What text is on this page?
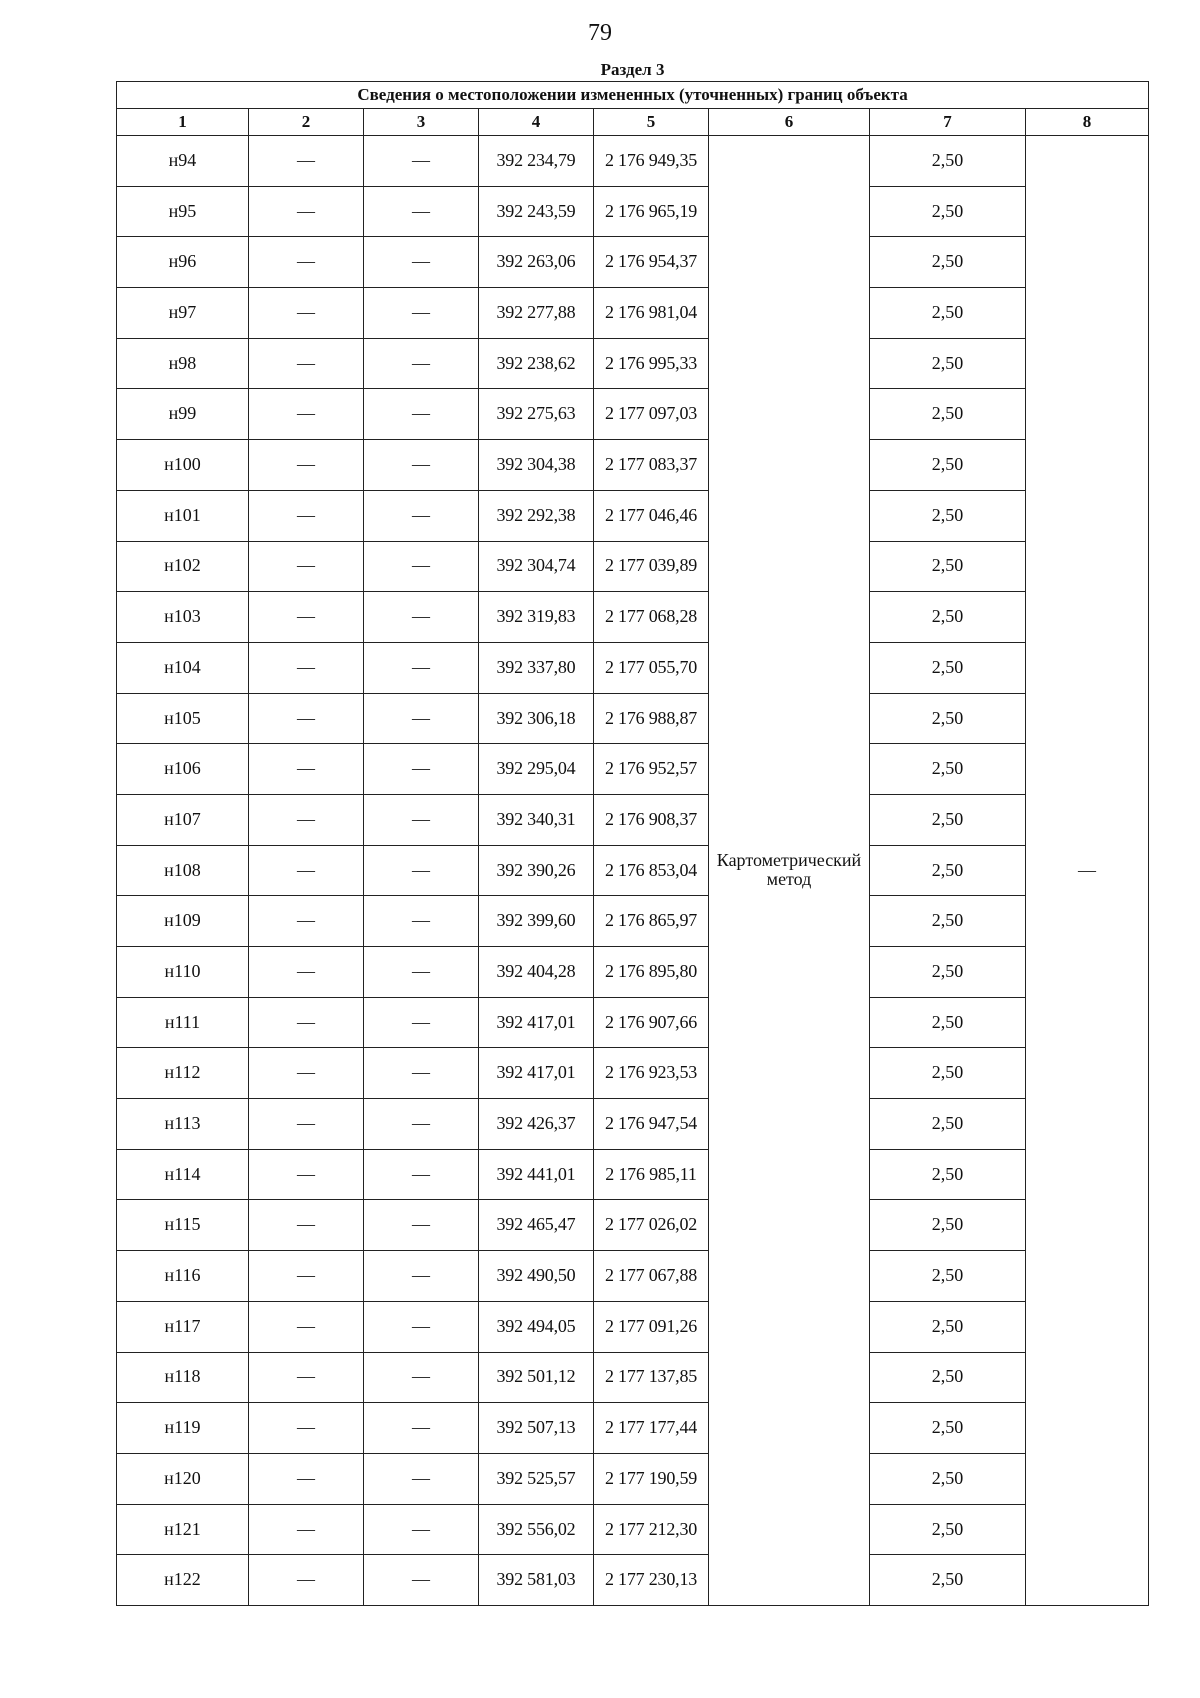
79
Раздел 3							
Сведения о местоположении измененных (уточненных) границ объекта							
1	2	3	4	5	6	7	8
н94	—	—	392 234,79	2 176 949,35	Картометрический метод	2,50	—
н95	—	—	392 243,59	2 176 965,19		2,50	
н96	—	—	392 263,06	2 176 954,37		2,50	
н97	—	—	392 277,88	2 176 981,04		2,50	
н98	—	—	392 238,62	2 176 995,33		2,50	
н99	—	—	392 275,63	2 177 097,03		2,50	
н100	—	—	392 304,38	2 177 083,37		2,50	
н101	—	—	392 292,38	2 177 046,46		2,50	
н102	—	—	392 304,74	2 177 039,89		2,50	
н103	—	—	392 319,83	2 177 068,28		2,50	
н104	—	—	392 337,80	2 177 055,70		2,50	
н105	—	—	392 306,18	2 176 988,87		2,50	
н106	—	—	392 295,04	2 176 952,57		2,50	
н107	—	—	392 340,31	2 176 908,37		2,50	
н108	—	—	392 390,26	2 176 853,04		2,50	
н109	—	—	392 399,60	2 176 865,97		2,50	
н110	—	—	392 404,28	2 176 895,80		2,50	
н111	—	—	392 417,01	2 176 907,66		2,50	
н112	—	—	392 417,01	2 176 923,53		2,50	
н113	—	—	392 426,37	2 176 947,54		2,50	
н114	—	—	392 441,01	2 176 985,11		2,50	
н115	—	—	392 465,47	2 177 026,02		2,50	
н116	—	—	392 490,50	2 177 067,88		2,50	
н117	—	—	392 494,05	2 177 091,26		2,50	
н118	—	—	392 501,12	2 177 137,85		2,50	
н119	—	—	392 507,13	2 177 177,44		2,50	
н120	—	—	392 525,57	2 177 190,59		2,50	
н121	—	—	392 556,02	2 177 212,30		2,50	
н122	—	—	392 581,03	2 177 230,13		2,50	
